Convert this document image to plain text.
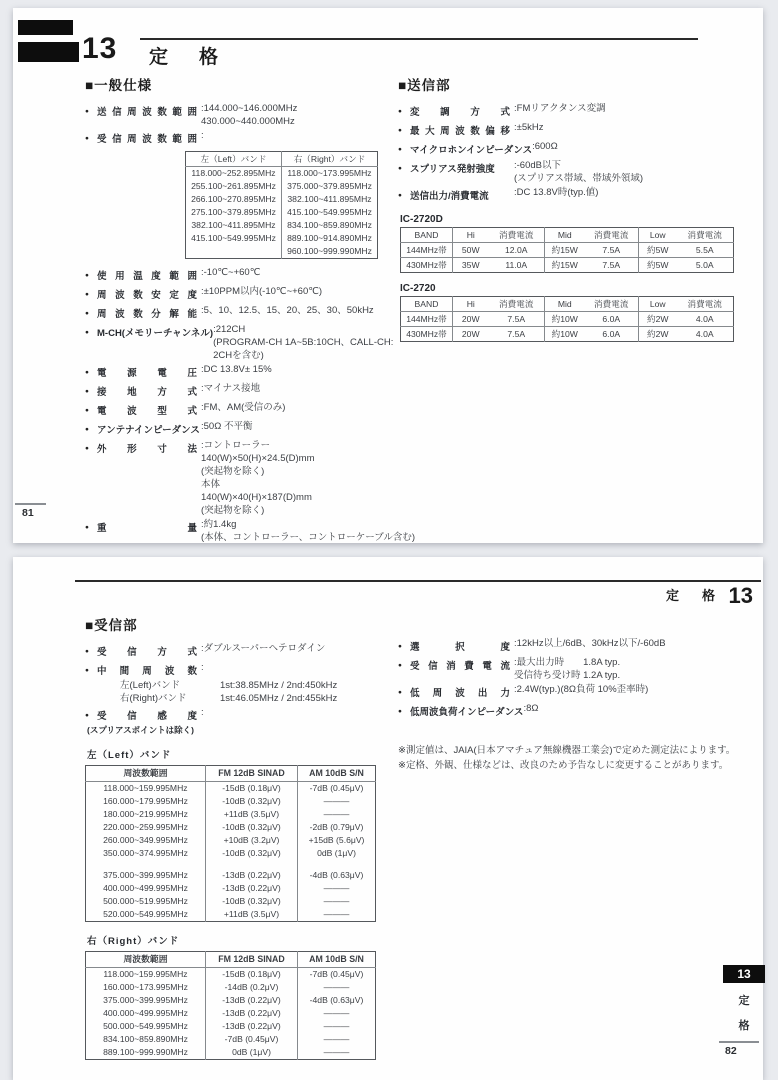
13 定　格
■一般仕様
● 送信周波数範囲 :144.000~146.000MHz
430.000~440.000MHz
● 受信周波数範囲 :
左（Left）バンド	右（Right）バンド
118.000~252.895MHz	118.000~173.995MHz
255.100~261.895MHz	375.000~379.895MHz
266.100~270.895MHz	382.100~411.895MHz
275.100~379.895MHz	415.100~549.995MHz
382.100~411.895MHz	834.100~859.890MHz
415.100~549.995MHz	889.100~914.890MHz
	960.100~999.990MHz
● 使用温度範囲 :-10℃~+60℃
● 周波数安定度 :±10PPM以内(-10℃~+60℃)
● 周波数分解能 :5、10、12.5、15、20、25、30、50kHz
● M-CH(メモリーチャンネル) :212CH
(PROGRAM-CH 1A~5B:10CH、CALL-CH:
2CHを含む)
● 電源電圧 :DC 13.8V± 15%
● 接地方式 :マイナス接地
● 電波型式 :FM、AM(受信のみ)
● アンテナインピーダンス :50Ω 不平衡
● 外形寸法 :コントローラー
140(W)×50(H)×24.5(D)mm
(突起物を除く)
本体
140(W)×40(H)×187(D)mm
(突起物を除く)
● 重量 :約1.4kg
(本体、コントローラー、コントローケーブル含む)
■送信部
● 変調方式 :FMリアクタンス変調
● 最大周波数偏移 :±5kHz
● マイクロホンインピーダンス :600Ω
● スプリアス発射強度	:-60dB以下
(スプリアス帯域、帯域外領域)
● 送信出力/消費電流	:DC 13.8V時(typ.値)
IC-2720D
BAND	Hi	消費電流	Mid	消費電流	Low	消費電流
144MHz帯	50W	12.0A	約15W	7.5A	約5W	5.5A
430MHz帯	35W	11.0A	約15W	7.5A	約5W	5.0A
IC-2720
BAND	Hi	消費電流	Mid	消費電流	Low	消費電流
144MHz帯	20W	7.5A	約10W	6.0A	約2W	4.0A
430MHz帯	20W	7.5A	約10W	6.0A	約2W	4.0A
81
定　格 13
■受信部
● 受信方式 :ダブルスーパーヘテロダイン
● 中間周波数 :
左(Left)バンド	1st:38.85MHz / 2nd:450kHz
右(Right)バンド	1st:46.05MHz / 2nd:455kHz
● 受信感度
(スプリアスポイントは除く)
:
左（Left）バンド
周波数範囲	FM 12dB SINAD	AM 10dB S/N
118.000~159.995MHz	-15dB (0.18μV)	-7dB (0.45μV)
160.000~179.995MHz	-10dB (0.32μV)	———
180.000~219.995MHz	+11dB (3.5μV)	———
220.000~259.995MHz	-10dB (0.32μV)	-2dB (0.79μV)
260.000~349.995MHz	+10dB (3.2μV)	+15dB (5.6μV)
350.000~374.995MHz	-10dB (0.32μV)	0dB (1μV)

375.000~399.995MHz	-13dB (0.22μV)	-4dB (0.63μV)
400.000~499.995MHz	-13dB (0.22μV)	———
500.000~519.995MHz	-10dB (0.32μV)	———
520.000~549.995MHz	+11dB (3.5μV)	———
右（Right）バンド
周波数範囲	FM 12dB SINAD	AM 10dB S/N
118.000~159.995MHz	-15dB (0.18μV)	-7dB (0.45μV)
160.000~173.995MHz	-14dB (0.2μV)	———
375.000~399.995MHz	-13dB (0.22μV)	-4dB (0.63μV)
400.000~499.995MHz	-13dB (0.22μV)	———
500.000~549.995MHz	-13dB (0.22μV)	———
834.100~859.890MHz	-7dB (0.45μV)	———
889.100~999.990MHz	0dB (1μV)	———
● 選択度 :12kHz以上/6dB、30kHz以下/-60dB
● 受信消費電流 :最大出力時　　1.8A typ.
受信待ち受け時 1.2A typ.
● 低周波出力 :2.4W(typ.)(8Ω負荷 10%歪率時)
● 低周波負荷インピーダンス :8Ω
※測定値は、JAIA(日本アマチュア無線機器工業会)で定めた測定法によります。
※定格、外観、仕様などは、改良のため予告なしに変更することがあります。
13
定
格
82
